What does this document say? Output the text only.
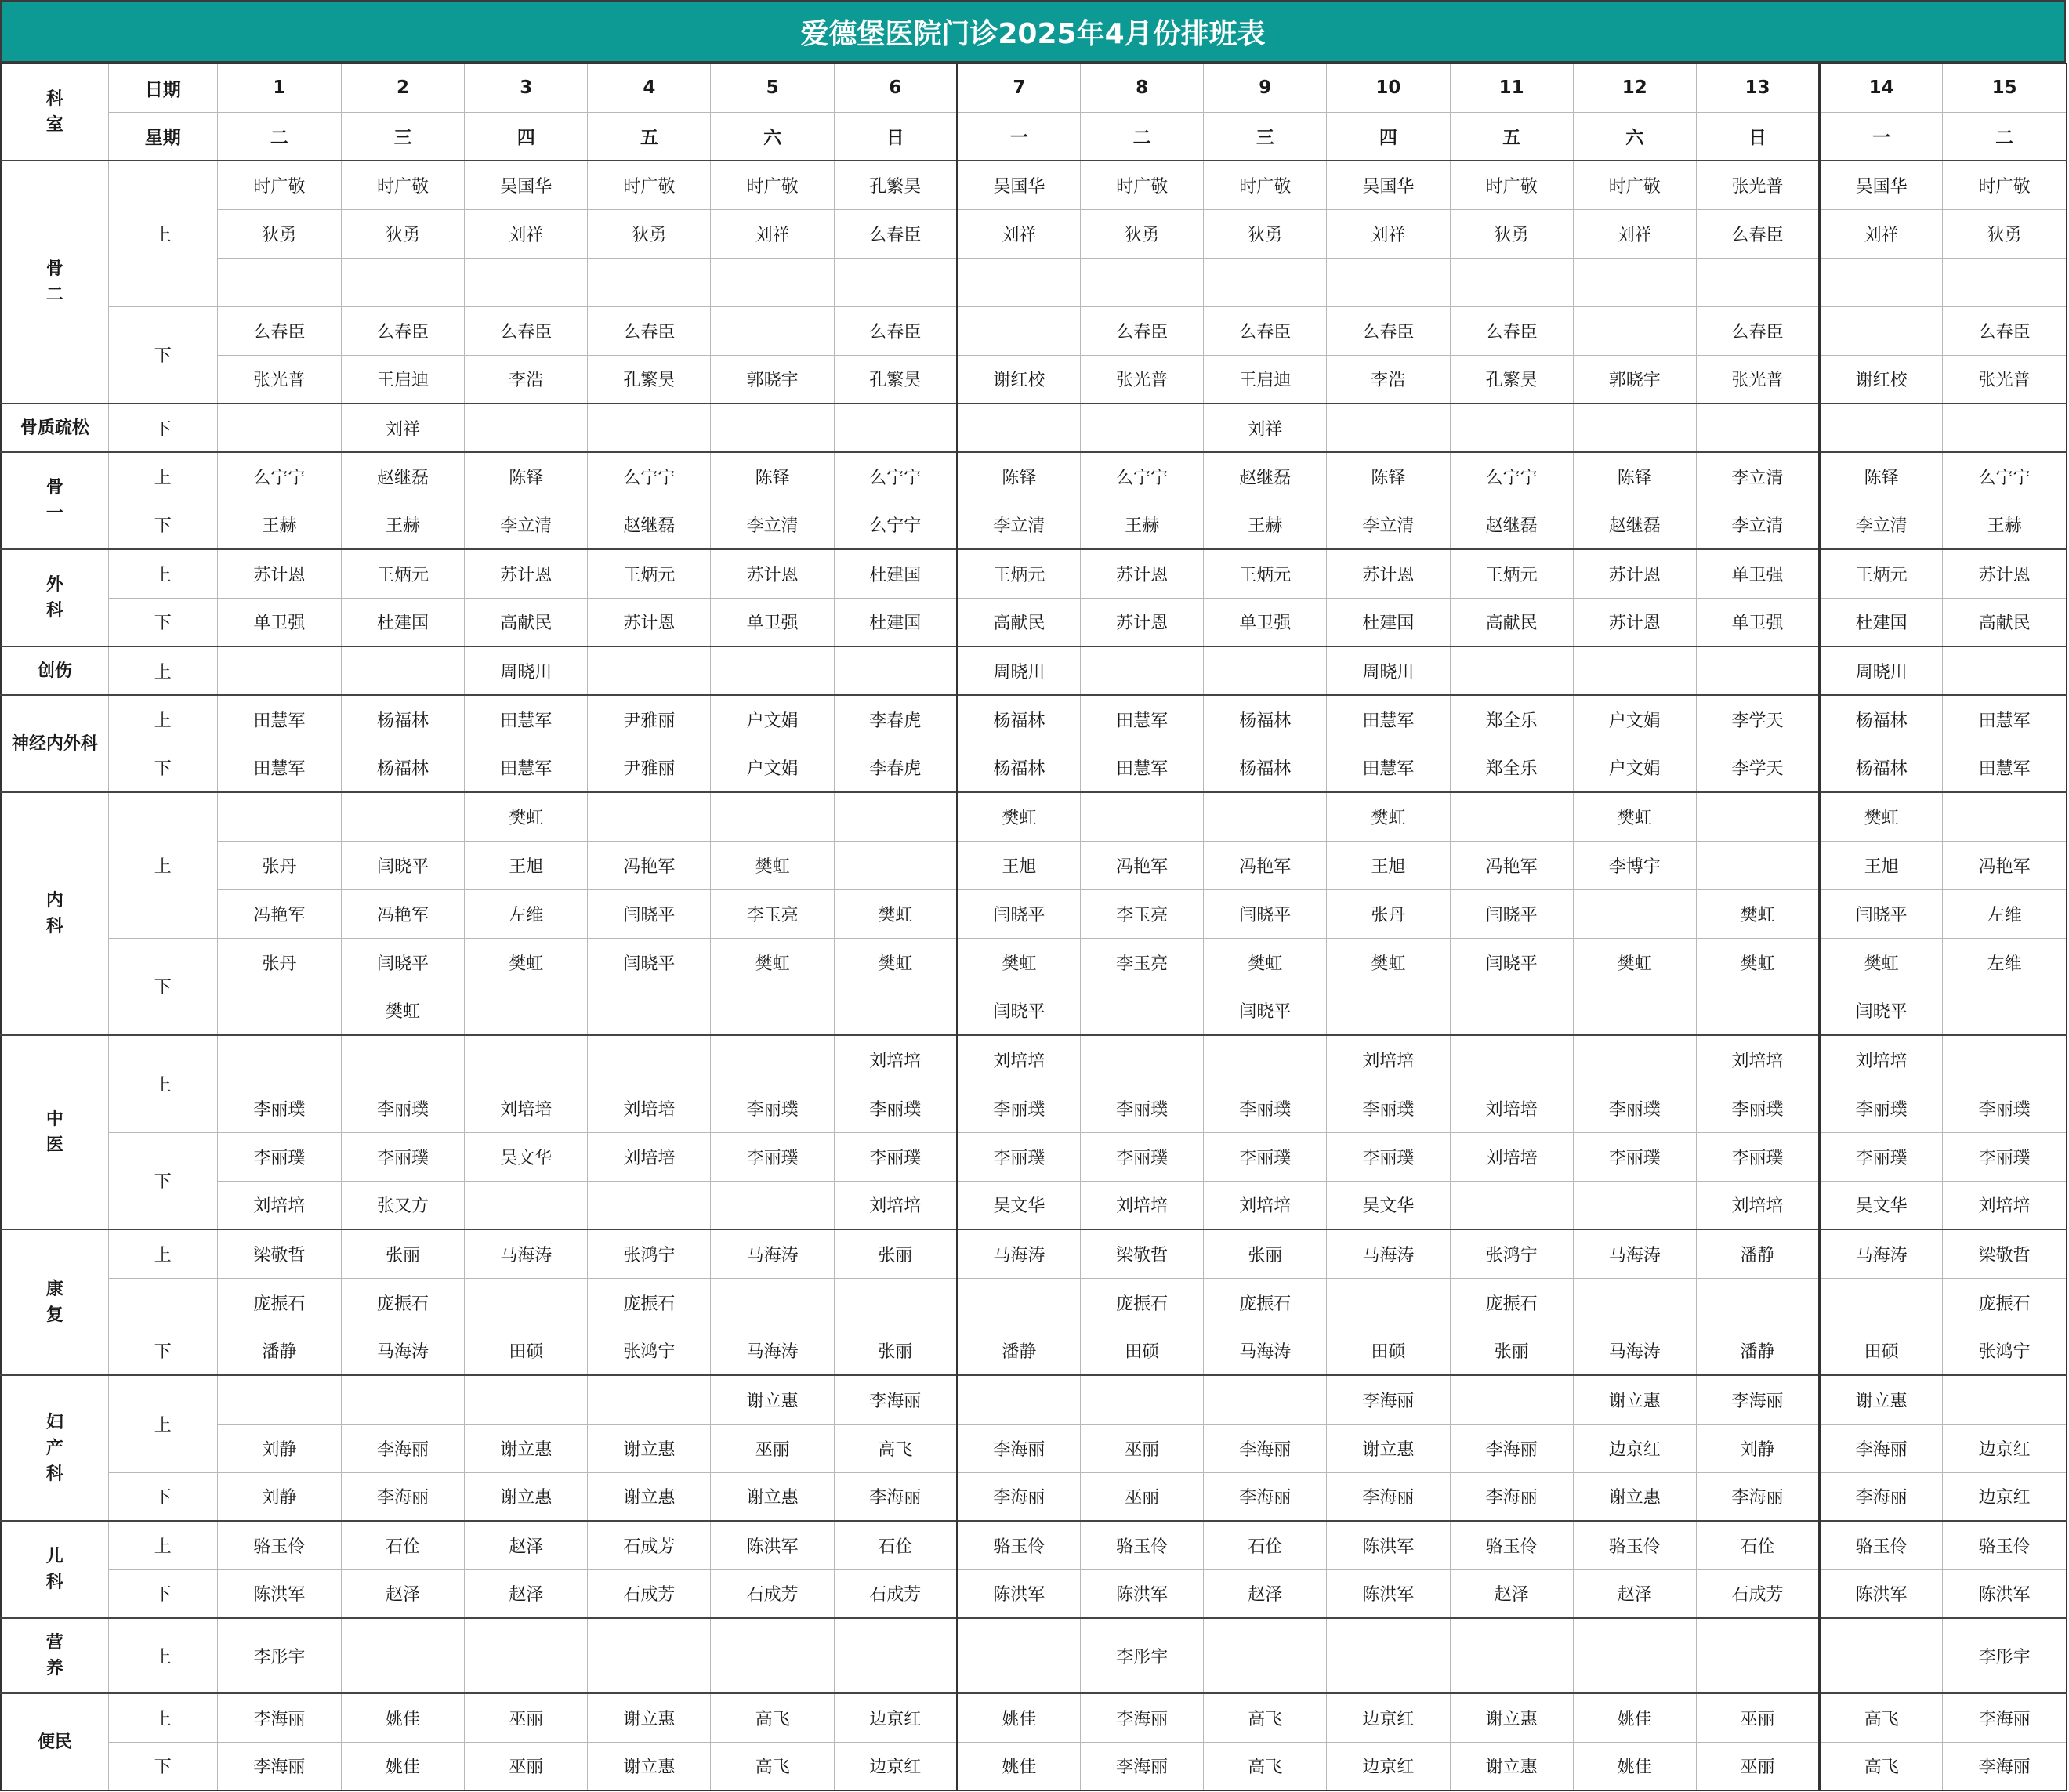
爱德堡医院门诊2025年4月份排班表
科
室	日期	1	2	3	4	5	6	7	8	9	10	11	12	13	14	15
	星期	二	三	四	五	六	日	一	二	三	四	五	六	日	一	二
骨
二	上	时广敬	时广敬	吴国华	时广敬	时广敬	孔繁昊	吴国华	时广敬	时广敬	吴国华	时广敬	时广敬	张光普	吴国华	时广敬
		狄勇	狄勇	刘祥	狄勇	刘祥	么春臣	刘祥	狄勇	狄勇	刘祥	狄勇	刘祥	么春臣	刘祥	狄勇

	下	么春臣	么春臣	么春臣	么春臣		么春臣		么春臣	么春臣	么春臣	么春臣		么春臣		么春臣
		张光普	王启迪	李浩	孔繁昊	郭晓宇	孔繁昊	谢红校	张光普	王启迪	李浩	孔繁昊	郭晓宇	张光普	谢红校	张光普
骨质疏松	下		刘祥							刘祥						
骨
一	上	么宁宁	赵继磊	陈铎	么宁宁	陈铎	么宁宁	陈铎	么宁宁	赵继磊	陈铎	么宁宁	陈铎	李立清	陈铎	么宁宁
	下	王赫	王赫	李立清	赵继磊	李立清	么宁宁	李立清	王赫	王赫	李立清	赵继磊	赵继磊	李立清	李立清	王赫
外
科	上	苏计恩	王炳元	苏计恩	王炳元	苏计恩	杜建国	王炳元	苏计恩	王炳元	苏计恩	王炳元	苏计恩	单卫强	王炳元	苏计恩
	下	单卫强	杜建国	高献民	苏计恩	单卫强	杜建国	高献民	苏计恩	单卫强	杜建国	高献民	苏计恩	单卫强	杜建国	高献民
创伤	上			周晓川				周晓川			周晓川				周晓川	
神经内外科	上	田慧军	杨福林	田慧军	尹雅丽	户文娟	李春虎	杨福林	田慧军	杨福林	田慧军	郑全乐	户文娟	李学天	杨福林	田慧军
	下	田慧军	杨福林	田慧军	尹雅丽	户文娟	李春虎	杨福林	田慧军	杨福林	田慧军	郑全乐	户文娟	李学天	杨福林	田慧军
内
科	上			樊虹				樊虹			樊虹		樊虹		樊虹	
		张丹	闫晓平	王旭	冯艳军	樊虹		王旭	冯艳军	冯艳军	王旭	冯艳军	李博宇		王旭	冯艳军
		冯艳军	冯艳军	左维	闫晓平	李玉亮	樊虹	闫晓平	李玉亮	闫晓平	张丹	闫晓平		樊虹	闫晓平	左维
	下	张丹	闫晓平	樊虹	闫晓平	樊虹	樊虹	樊虹	李玉亮	樊虹	樊虹	闫晓平	樊虹	樊虹	樊虹	左维
			樊虹					闫晓平		闫晓平					闫晓平	
中
医	上						刘培培	刘培培			刘培培			刘培培	刘培培	
		李丽璞	李丽璞	刘培培	刘培培	李丽璞	李丽璞	李丽璞	李丽璞	李丽璞	李丽璞	刘培培	李丽璞	李丽璞	李丽璞	李丽璞
	下	李丽璞	李丽璞	吴文华	刘培培	李丽璞	李丽璞	李丽璞	李丽璞	李丽璞	李丽璞	刘培培	李丽璞	李丽璞	李丽璞	李丽璞
		刘培培	张又方				刘培培	吴文华	刘培培	刘培培	吴文华			刘培培	吴文华	刘培培
康
复	上	梁敬哲	张丽	马海涛	张鸿宁	马海涛	张丽	马海涛	梁敬哲	张丽	马海涛	张鸿宁	马海涛	潘静	马海涛	梁敬哲
		庞振石	庞振石		庞振石				庞振石	庞振石		庞振石				庞振石
	下	潘静	马海涛	田硕	张鸿宁	马海涛	张丽	潘静	田硕	马海涛	田硕	张丽	马海涛	潘静	田硕	张鸿宁
妇
产
科	上					谢立惠	李海丽				李海丽		谢立惠	李海丽	谢立惠	
		刘静	李海丽	谢立惠	谢立惠	巫丽	高飞	李海丽	巫丽	李海丽	谢立惠	李海丽	边京红	刘静	李海丽	边京红
	下	刘静	李海丽	谢立惠	谢立惠	谢立惠	李海丽	李海丽	巫丽	李海丽	李海丽	李海丽	谢立惠	李海丽	李海丽	边京红
儿
科	上	骆玉伶	石佺	赵泽	石成芳	陈洪军	石佺	骆玉伶	骆玉伶	石佺	陈洪军	骆玉伶	骆玉伶	石佺	骆玉伶	骆玉伶
	下	陈洪军	赵泽	赵泽	石成芳	石成芳	石成芳	陈洪军	陈洪军	赵泽	陈洪军	赵泽	赵泽	石成芳	陈洪军	陈洪军
营
养	上	李彤宇							李彤宇							李彤宇
便民	上	李海丽	姚佳	巫丽	谢立惠	高飞	边京红	姚佳	李海丽	高飞	边京红	谢立惠	姚佳	巫丽	高飞	李海丽
	下	李海丽	姚佳	巫丽	谢立惠	高飞	边京红	姚佳	李海丽	高飞	边京红	谢立惠	姚佳	巫丽	高飞	李海丽
